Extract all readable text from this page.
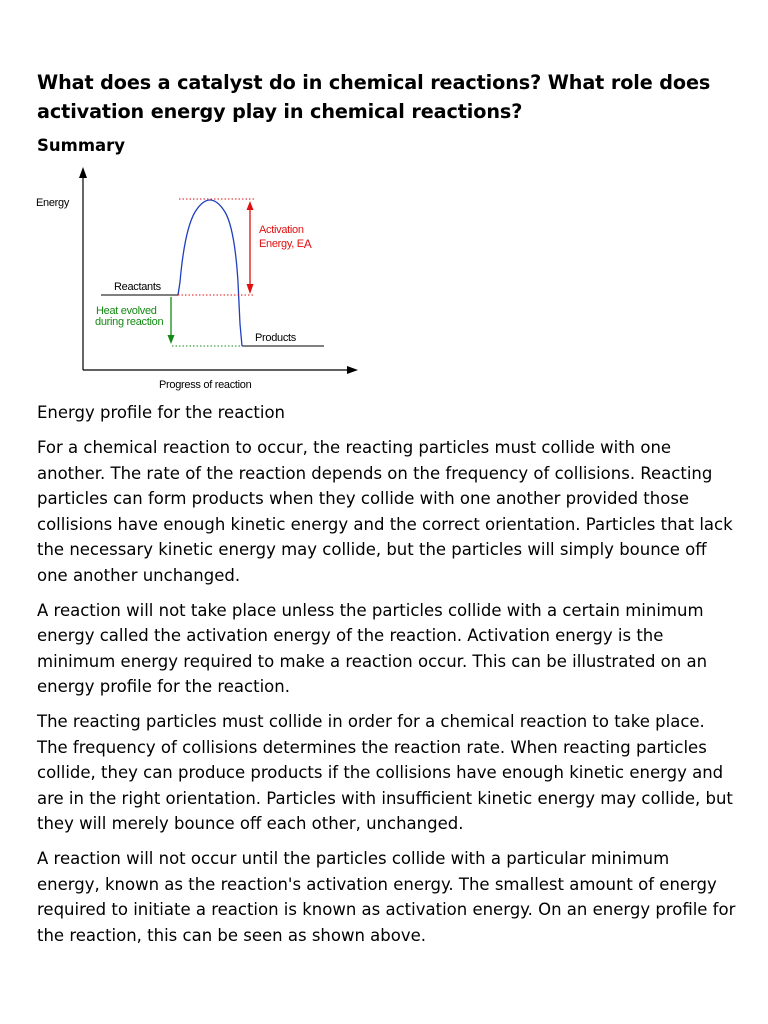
What does a catalyst do in chemical reactions? What role does activation energy play in chemical reactions?
Summary
Energy
Reactants
Products
Activation
Energy, EA
Heat evolved
during reaction
Progress of reaction

Energy profile for the reaction

For a chemical reaction to occur, the reacting particles must collide with one another. The rate of the reaction depends on the frequency of collisions. Reacting particles can form products when they collide with one another provided those collisions have enough kinetic energy and the correct orientation. Particles that lack the necessary kinetic energy may collide, but the particles will simply bounce off one another unchanged.

A reaction will not take place unless the particles collide with a certain minimum energy called the activation energy of the reaction. Activation energy is the minimum energy required to make a reaction occur. This can be illustrated on an energy profile for the reaction.

The reacting particles must collide in order for a chemical reaction to take place. The frequency of collisions determines the reaction rate. When reacting particles collide, they can produce products if the collisions have enough kinetic energy and are in the right orientation. Particles with insufficient kinetic energy may collide, but they will merely bounce off each other, unchanged.

A reaction will not occur until the particles collide with a particular minimum energy, known as the reaction's activation energy. The smallest amount of energy required to initiate a reaction is known as activation energy. On an energy profile for the reaction, this can be seen as shown above.
